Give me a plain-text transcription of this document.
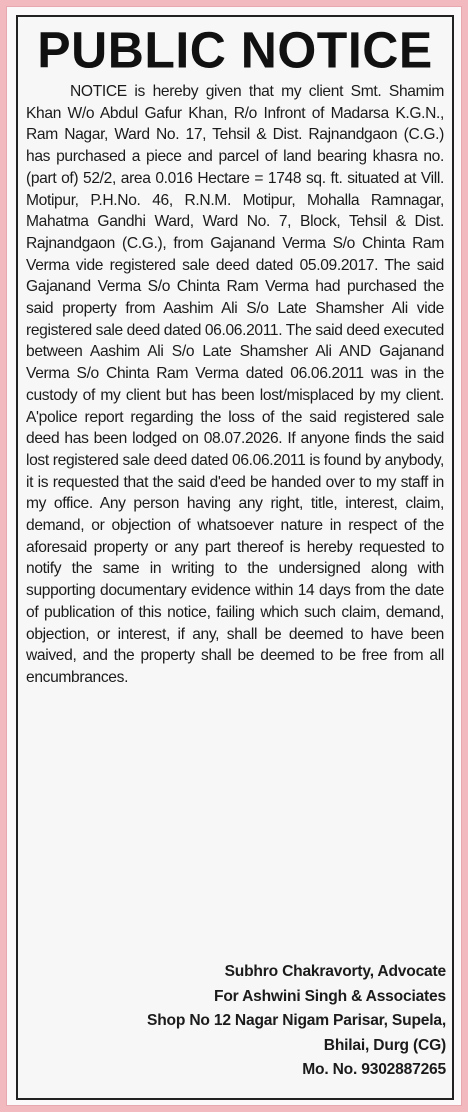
PUBLIC NOTICE

NOTICE is hereby given that my client Smt. Shamim Khan W/o Abdul Gafur Khan, R/o Infront of Madarsa K.G.N., Ram Nagar, Ward No. 17, Tehsil & Dist. Rajnandgaon (C.G.) has purchased a piece and parcel of land bearing khasra no. (part of) 52/2, area 0.016 Hectare = 1748 sq. ft. situated at Vill. Motipur, P.H.No. 46, R.N.M. Motipur, Mohalla Ramnagar, Mahatma Gandhi Ward, Ward No. 7, Block, Tehsil & Dist. Rajnandgaon (C.G.), from Gajanand Verma S/o Chinta Ram Verma vide registered sale deed dated 05.09.2017. The said Gajanand Verma S/o Chinta Ram Verma had purchased the said property from Aashim Ali S/o Late Shamsher Ali vide registered sale deed dated 06.06.2011. The said deed executed between Aashim Ali S/o Late Shamsher Ali AND Gajanand Verma S/o Chinta Ram Verma dated 06.06.2011 was in the custody of my client but has been lost/misplaced by my client. A'police report regarding the loss of the said registered sale deed has been lodged on 08.07.2026. If anyone finds the said lost registered sale deed dated 06.06.2011 is found by anybody, it is requested that the said d'eed be handed over to my staff in my office. Any person having any right, title, interest, claim, demand, or objection of whatsoever nature in respect of the aforesaid property or any part thereof is hereby requested to notify the same in writing to the undersigned along with supporting documentary evidence within 14 days from the date of publication of this notice, failing which such claim, demand, objection, or interest, if any, shall be deemed to have been waived, and the property shall be deemed to be free from all encumbrances.

Subhro Chakravorty, Advocate
For Ashwini Singh & Associates
Shop No 12 Nagar Nigam Parisar, Supela,
Bhilai, Durg (CG)
Mo. No. 9302887265
